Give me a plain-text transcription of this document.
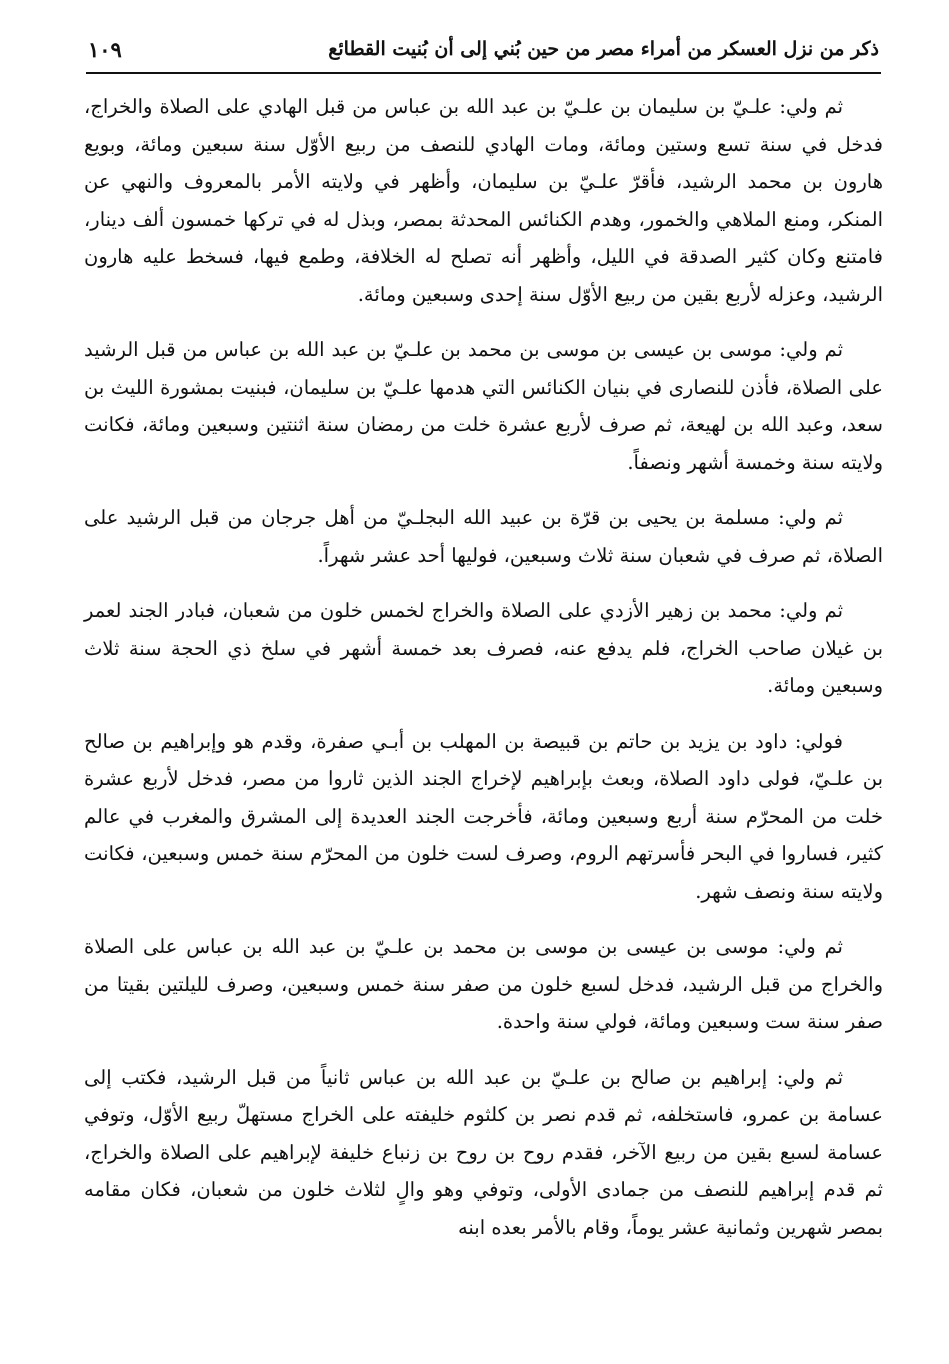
ذكر من نزل العسكر من أمراء مصر من حين بُني إلى أن بُنيت القطائع
١٠٩

ثم ولي: علـيّ بن سليمان بن علـيّ بن عبد الله بن عباس من قبل الهادي على الصلاة والخراج، فدخل في سنة تسع وستين ومائة، ومات الهادي للنصف من ربيع الأوّل سنة سبعين ومائة، وبويع هارون بن محمد الرشيد، فأقرّ علـيّ بن سليمان، وأظهر في ولايته الأمر بالمعروف والنهي عن المنكر، ومنع الملاهي والخمور، وهدم الكنائس المحدثة بمصر، وبذل له في تركها خمسون ألف دينار، فامتنع وكان كثير الصدقة في الليل، وأظهر أنه تصلح له الخلافة، وطمع فيها، فسخط عليه هارون الرشيد، وعزله لأربع بقين من ربيع الأوّل سنة إحدى وسبعين ومائة.

ثم ولي: موسى بن عيسى بن موسى بن محمد بن علـيّ بن عبد الله بن عباس من قبل الرشيد على الصلاة، فأذن للنصارى في بنيان الكنائس التي هدمها علـيّ بن سليمان، فبنيت بمشورة الليث بن سعد، وعبد الله بن لهيعة، ثم صرف لأربع عشرة خلت من رمضان سنة اثنتين وسبعين ومائة، فكانت ولايته سنة وخمسة أشهر ونصفاً.

ثم ولي: مسلمة بن يحيى بن قرّة بن عبيد الله البجلـيّ من أهل جرجان من قبل الرشيد على الصلاة، ثم صرف في شعبان سنة ثلاث وسبعين، فوليها أحد عشر شهراً.

ثم ولي: محمد بن زهير الأزدي على الصلاة والخراج لخمس خلون من شعبان، فبادر الجند لعمر بن غيلان صاحب الخراج، فلم يدفع عنه، فصرف بعد خمسة أشهر في سلخ ذي الحجة سنة ثلاث وسبعين ومائة.

فولي: داود بن يزيد بن حاتم بن قبيصة بن المهلب بن أبـي صفرة، وقدم هو وإبراهيم بن صالح بن علـيّ، فولى داود الصلاة، وبعث بإبراهيم لإخراج الجند الذين ثاروا من مصر، فدخل لأربع عشرة خلت من المحرّم سنة أربع وسبعين ومائة، فأخرجت الجند العديدة إلى المشرق والمغرب في عالم كثير، فساروا في البحر فأسرتهم الروم، وصرف لست خلون من المحرّم سنة خمس وسبعين، فكانت ولايته سنة ونصف شهر.

ثم ولي: موسى بن عيسى بن موسى بن محمد بن علـيّ بن عبد الله بن عباس على الصلاة والخراج من قبل الرشيد، فدخل لسبع خلون من صفر سنة خمس وسبعين، وصرف لليلتين بقيتا من صفر سنة ست وسبعين ومائة، فولي سنة واحدة.

ثم ولي: إبراهيم بن صالح بن علـيّ بن عبد الله بن عباس ثانياً من قبل الرشيد، فكتب إلى عسامة بن عمرو، فاستخلفه، ثم قدم نصر بن كلثوم خليفته على الخراج مستهلّ ربيع الأوّل، وتوفي عسامة لسبع بقين من ربيع الآخر، فقدم روح بن روح بن زنباع خليفة لإبراهيم على الصلاة والخراج، ثم قدم إبراهيم للنصف من جمادى الأولى، وتوفي وهو والٍ لثلاث خلون من شعبان، فكان مقامه بمصر شهرين وثمانية عشر يوماً، وقام بالأمر بعده ابنه
